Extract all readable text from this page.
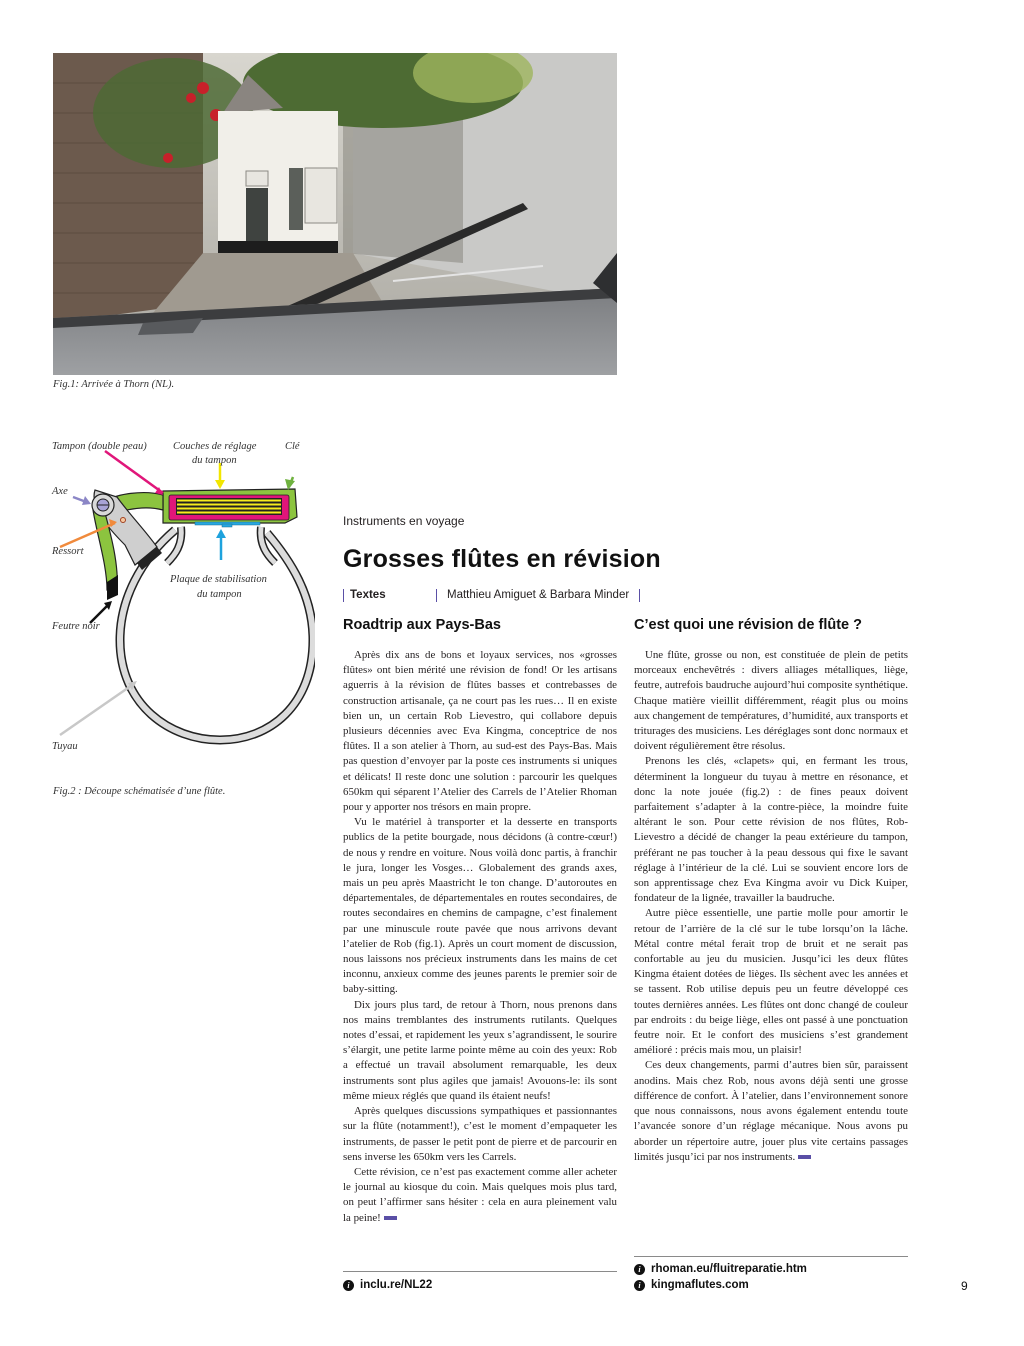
Fig.1: Arrivée à Thorn (NL).
Tampon (double peau)	Couches de réglage
du tampon
Clé
Axe
Ressort
Plaque de stabilisation
du tampon
Feutre noir
Tuyau
Fig.2 : Découpe schématisée d’une flûte.
Instruments en voyage
Grosses flûtes en révision
Textes	Matthieu Amiguet & Barbara Minder
Roadtrip aux Pays-Bas

Après dix ans de bons et loyaux services, nos «grosses flûtes» ont bien mérité une révision de fond! Or les artisans aguerris à la révision de flûtes basses et contrebasses de construction artisanale, ça ne court pas les rues… Il en existe bien un, un certain Rob Lievestro, qui collabore depuis plusieurs décennies avec Eva Kingma, conceptrice de nos flûtes. Il a son atelier à Thorn, au sud-est des Pays-Bas. Mais pas question d’envoyer par la poste ces instruments si uniques et délicats! Il reste donc une solution : parcourir les quelques 650km qui séparent l’Atelier des Carrels de l’Atelier Rhoman pour y apporter nos trésors en main propre.

Vu le matériel à transporter et la desserte en transports publics de la petite bourgade, nous décidons (à contre-cœur!) de nous y rendre en voiture. Nous voilà donc partis, à franchir le jura, longer les Vosges… Globalement des grands axes, mais un peu après Maastricht le ton change. D’autoroutes en départementales, de départementales en routes secondaires, de routes secondaires en chemins de campagne, c’est finalement par une minuscule route pavée que nous arrivons devant l’atelier de Rob (fig.1). Après un court moment de discussion, nous laissons nos précieux instruments dans les mains de cet inconnu, anxieux comme des jeunes parents le premier soir de baby-sitting.

Dix jours plus tard, de retour à Thorn, nous prenons dans nos mains tremblantes des instruments rutilants. Quelques notes d’essai, et rapidement les yeux s’agrandissent, le sourire s’élargit, une petite larme pointe même au coin des yeux: Rob a effectué un travail absolument remarquable, les deux instruments sont plus agiles que jamais! Avouons-le: ils sont même mieux réglés que quand ils étaient neufs!

Après quelques discussions sympathiques et passionnantes sur la flûte (notamment!), c’est le moment d’empaqueter les instruments, de passer le petit pont de pierre et de parcourir en sens inverse les 650km vers les Carrels.

Cette révision, ce n’est pas exactement comme aller acheter le journal au kiosque du coin. Mais quelques mois plus tard, on peut l’affirmer sans hésiter : cela en aura pleinement valu la peine!

C’est quoi une révision de flûte ?

Une flûte, grosse ou non, est constituée de plein de petits morceaux enchevêtrés : divers alliages métalliques, liège, feutre, autrefois baudruche aujourd’hui composite synthétique. Chaque matière vieillit différemment, réagit plus ou moins aux changement de températures, d’humidité, aux transports et triturages des musiciens. Les déréglages sont donc normaux et doivent régulièrement être résolus.

Prenons les clés, «clapets» qui, en fermant les trous, déterminent la longueur du tuyau à mettre en résonance, et donc la note jouée (fig.2) : de fines peaux doivent parfaitement s’adapter à la contre-pièce, la moindre fuite altérant le son. Pour cette révision de nos flûtes, Rob-Lievestro a décidé de changer la peau extérieure du tampon, préférant ne pas toucher à la peau dessous qui fixe le savant réglage à l’intérieur de la clé. Lui se souvient encore lors de son apprentissage chez Eva Kingma avoir vu Dick Kuiper, fondateur de la lignée, travailler la baudruche.

Autre pièce essentielle, une partie molle pour amortir le retour de l’arrière de la clé sur le tube lorsqu’on la lâche. Métal contre métal ferait trop de bruit et ne serait pas confortable au jeu du musicien. Jusqu’ici les deux flûtes Kingma étaient dotées de lièges. Ils sèchent avec les années et se tassent. Rob utilise depuis peu un feutre développé ces toutes dernières années. Les flûtes ont donc changé de couleur par endroits : du beige liège, elles ont passé à une ponctuation feutre noir. Et le confort des musiciens s’est grandement amélioré : précis mais mou, un plaisir!

Ces deux changements, parmi d’autres bien sûr, paraissent anodins. Mais chez Rob, nous avons déjà senti une grosse différence de confort. À l’atelier, dans l’environnement sonore que nous connaissons, nous avons également entendu toute l’avancée sonore d’un réglage mécanique. Nous avons pu aborder un répertoire autre, jouer plus vite certains passages limités jusqu’ici par nos instruments.

i inclu.re/NL22
i rhoman.eu/fluitreparatie.htm
i kingmaflutes.com	9
